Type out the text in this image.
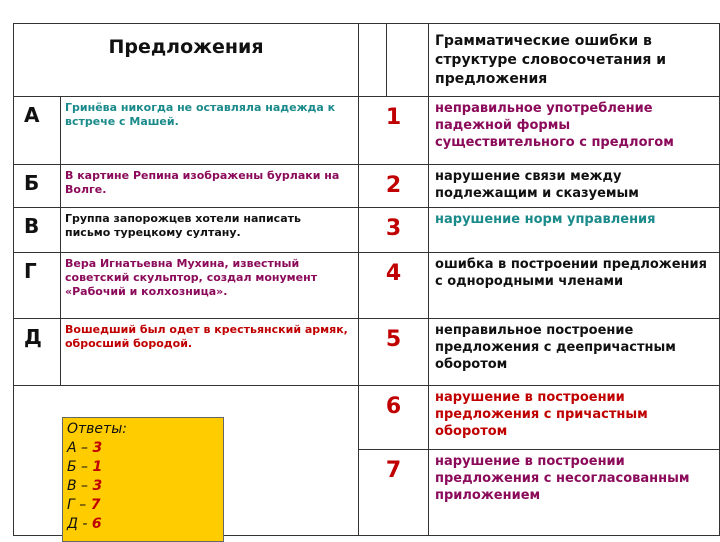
Предложения				Грамматические ошибки в структуре словосочетания и предложения
А	Гринёва никогда не оставляла надежда к встрече с Машей.	1		неправильное употребление падежной формы существительного с предлогом
Б	В картине Репина изображены бурлаки на Волге.	2		нарушение связи между подлежащим и сказуемым
В	Группа запорожцев хотели написать письмо турецкому султану.	3		нарушение норм управления
Г	Вера Игнатьевна Мухина, известный советский скульптор, создал монумент «Рабочий и колхозница».	4		ошибка в построении предложения с однородными членами
Д	Вошедший был одет в крестьянский армяк, обросший бородой.	5		неправильное построение предложения с деепричастным оборотом
		6		нарушение в построении предложения с причастным оборотом
		7		нарушение в построении предложения с несогласованным приложением
Ответы:
А – 3
Б – 1
В – 3
Г – 7
Д - 6
